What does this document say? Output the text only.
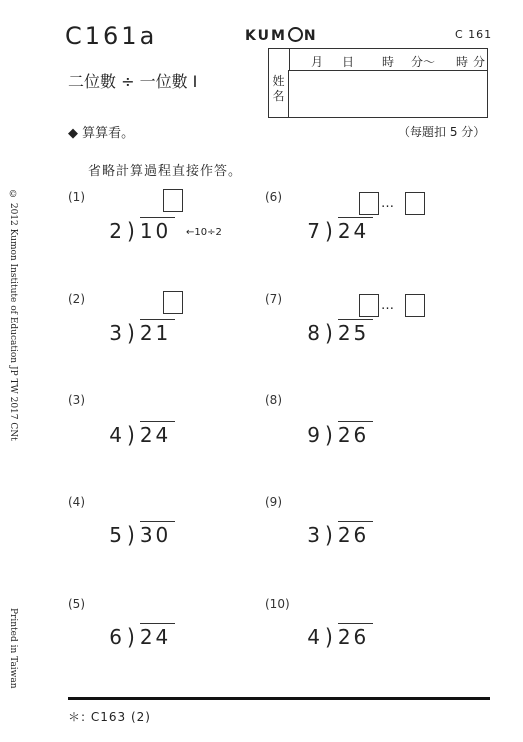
C161a	KUM N	C 161
二位數 ÷ 一位數 Ⅰ
月 日 時 分～ 時 分
姓名
◆ 算算看。	（每題扣 5 分）
省略計算過程直接作答。
© 2012 Kumon Institute of Education JP TW 2017 CNt
Printed in Taiwan
(1)
2 ) 10	←10÷2
(2)
3 ) 21
(3)
4 ) 24
(4)
5 ) 30
(5)
6 ) 24
(6)	…
7 ) 24
(7)	…
8 ) 25
(8)
9 ) 26
(9)
3 ) 26
(10)
4 ) 26
＊: C163 (2)
